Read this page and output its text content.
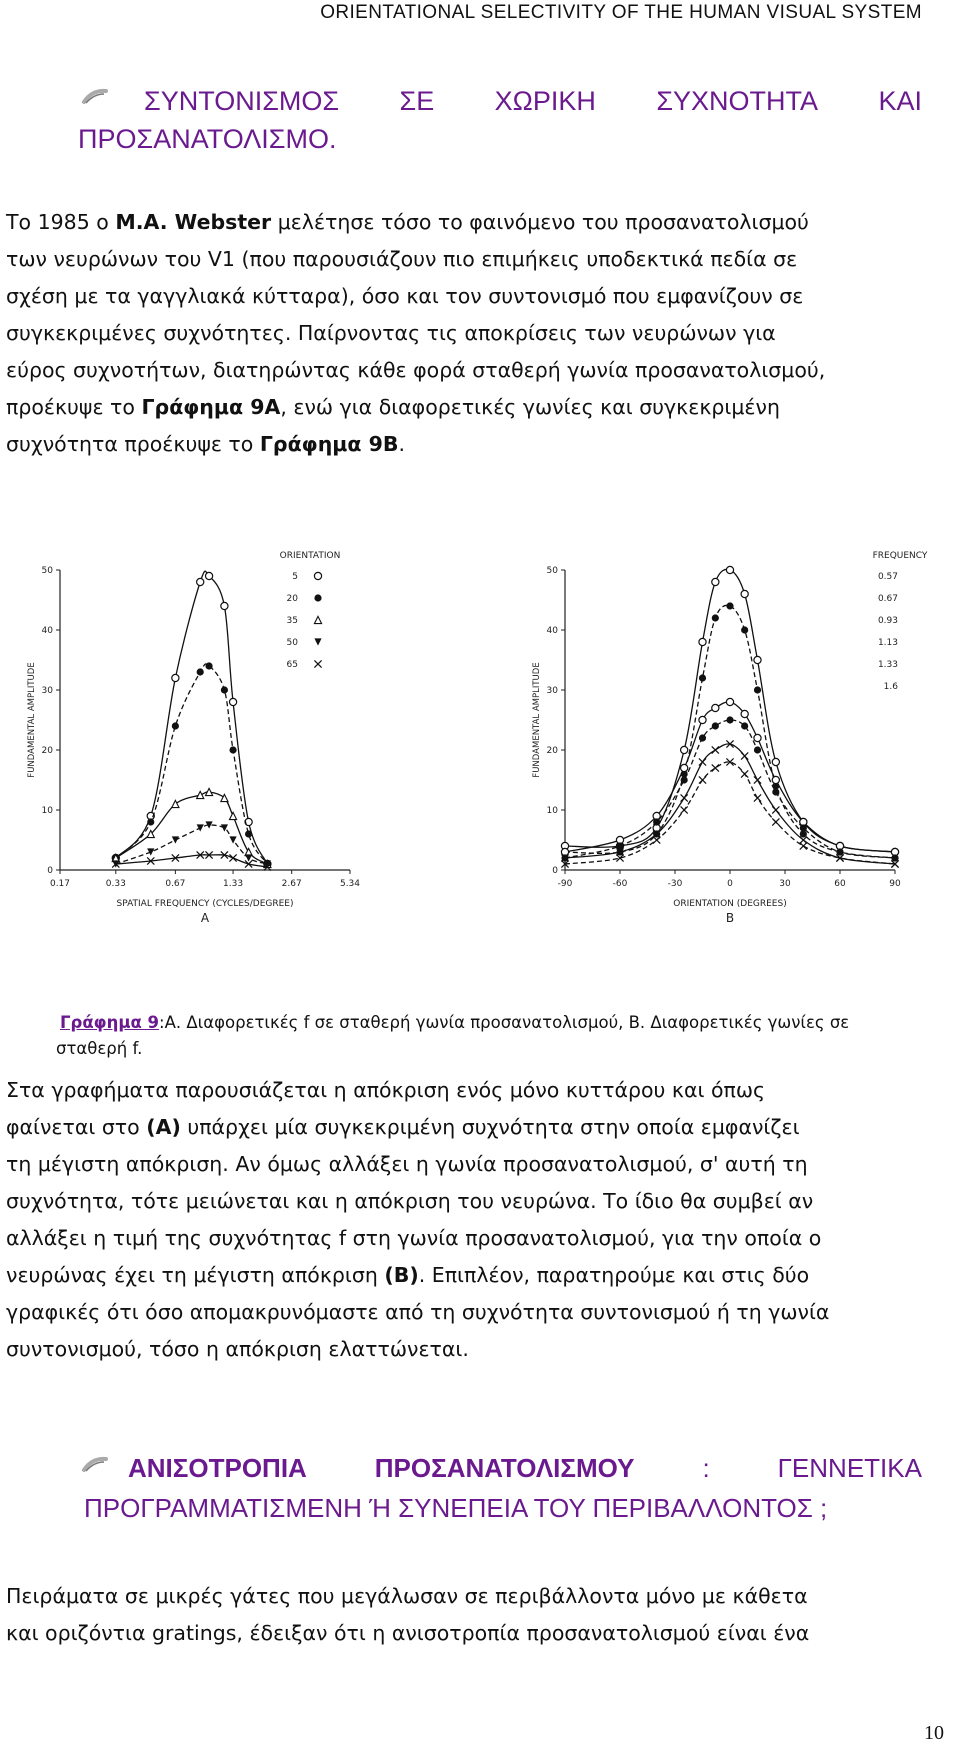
ORIENTATIONAL SELECTIVITY OF THE HUMAN VISUAL SYSTEM
ΣΥΝΤΟΝΙΣΜΟΣ ΣΕ ΧΩΡΙΚΗ ΣΥΧΝΟΤΗΤΑ ΚΑΙ
ΠΡΟΣΑΝΑΤΟΛΙΣΜΟ.
Το 1985 ο M.A. Webster μελέτησε τόσο το φαινόμενο του προσανατολισμού
των νευρώνων του V1 (που παρουσιάζουν πιο επιμήκεις υποδεκτικά πεδία σε
σχέση με τα γαγγλιακά κύτταρα), όσο και τον συντονισμό που εμφανίζουν σε
συγκεκριμένες συχνότητες. Παίρνοντας τις αποκρίσεις των νευρώνων για
εύρος συχνοτήτων, διατηρώντας κάθε φορά σταθερή γωνία προσανατολισμού,
προέκυψε το Γράφημα 9Α, ενώ για διαφορετικές γωνίες και συγκεκριμένη
συχνότητα προέκυψε το Γράφημα 9Β.
0
10
20
30
40
50
0.17	0.33	0.67	1.33	2.67	5.34
SPATIAL FREQUENCY (CYCLES/DEGREE)
A
FUNDAMENTAL AMPLITUDE
ORIENTATION
5
20
35
50
65
0
10
20
30
40
50
-90	-60	-30	0	30	60	90
ORIENTATION (DEGREES)
B
FUNDAMENTAL AMPLITUDE
FREQUENCY
0.57
0.67
0.93
1.13
1.33
1.6
Γράφημα 9:Α. Διαφορετικές f σε σταθερή γωνία προσανατολισμού, Β. Διαφορετικές γωνίες σε
σταθερή f.
Στα γραφήματα παρουσιάζεται η απόκριση ενός μόνο κυττάρου και όπως
φαίνεται στο (Α) υπάρχει μία συγκεκριμένη συχνότητα στην οποία εμφανίζει
τη μέγιστη απόκριση. Αν όμως αλλάξει η γωνία προσανατολισμού, σ' αυτή τη
συχνότητα, τότε μειώνεται και η απόκριση του νευρώνα. Το ίδιο θα συμβεί αν
αλλάξει η τιμή της συχνότητας f στη γωνία προσανατολισμού, για την οποία ο
νευρώνας έχει τη μέγιστη απόκριση (Β). Επιπλέον, παρατηρούμε και στις δύο
γραφικές ότι όσο απομακρυνόμαστε από τη συχνότητα συντονισμού ή τη γωνία
συντονισμού, τόσο η απόκριση ελαττώνεται.
ΑΝΙΣΟΤΡΟΠΙΑ	ΠΡΟΣΑΝΑΤΟΛΙΣΜΟΥ	:	ΓΕΝΝΕΤΙΚΑ
ΠΡΟΓΡΑΜΜΑΤΙΣΜΕΝΗ Ή ΣΥΝΕΠΕΙΑ ΤΟΥ ΠΕΡΙΒΑΛΛΟΝΤΟΣ ;
Πειράματα σε μικρές γάτες που μεγάλωσαν σε περιβάλλοντα μόνο με κάθετα
και οριζόντια gratings, έδειξαν ότι η ανισοτροπία προσανατολισμού είναι ένα
10
